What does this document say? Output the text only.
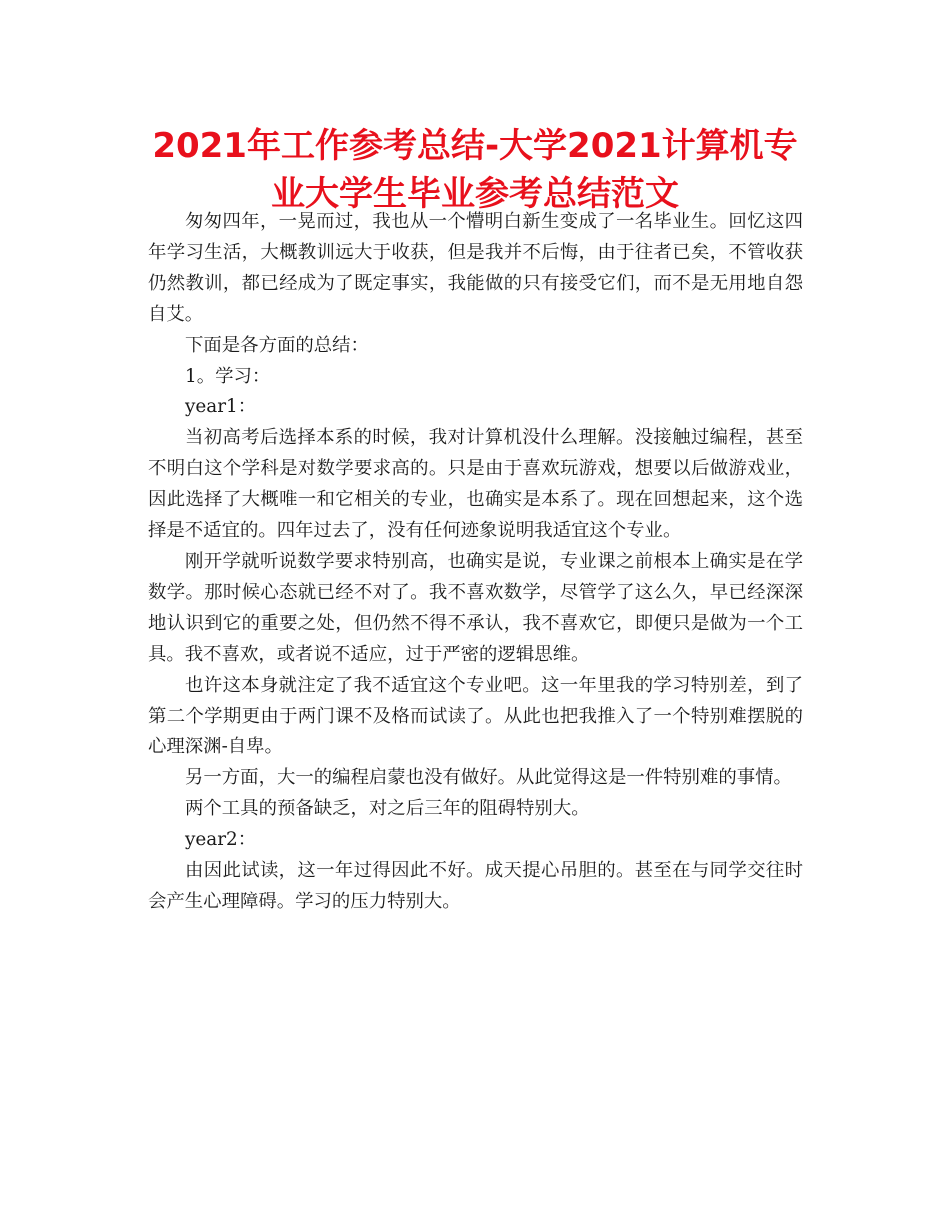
2021年工作参考总结-大学2021计算机专业大学生毕业参考总结范文

匆匆四年，一晃而过，我也从一个懵明白新生变成了一名毕业生。回忆这四年学习生活，大概教训远大于收获，但是我并不后悔，由于往者已矣，不管收获仍然教训，都已经成为了既定事实，我能做的只有接受它们，而不是无用地自怨自艾。

下面是各方面的总结：

1。学习：

year1：

当初高考后选择本系的时候，我对计算机没什么理解。没接触过编程，甚至不明白这个学科是对数学要求高的。只是由于喜欢玩游戏，想要以后做游戏业，因此选择了大概唯一和它相关的专业，也确实是本系了。现在回想起来，这个选择是不适宜的。四年过去了，没有任何迹象说明我适宜这个专业。

刚开学就听说数学要求特别高，也确实是说，专业课之前根本上确实是在学数学。那时候心态就已经不对了。我不喜欢数学，尽管学了这么久，早已经深深地认识到它的重要之处，但仍然不得不承认，我不喜欢它，即便只是做为一个工具。我不喜欢，或者说不适应，过于严密的逻辑思维。

也许这本身就注定了我不适宜这个专业吧。这一年里我的学习特别差，到了第二个学期更由于两门课不及格而试读了。从此也把我推入了一个特别难摆脱的心理深渊-自卑。

另一方面，大一的编程启蒙也没有做好。从此觉得这是一件特别难的事情。

两个工具的预备缺乏，对之后三年的阻碍特别大。

year2：

由因此试读，这一年过得因此不好。成天提心吊胆的。甚至在与同学交往时会产生心理障碍。学习的压力特别大。
